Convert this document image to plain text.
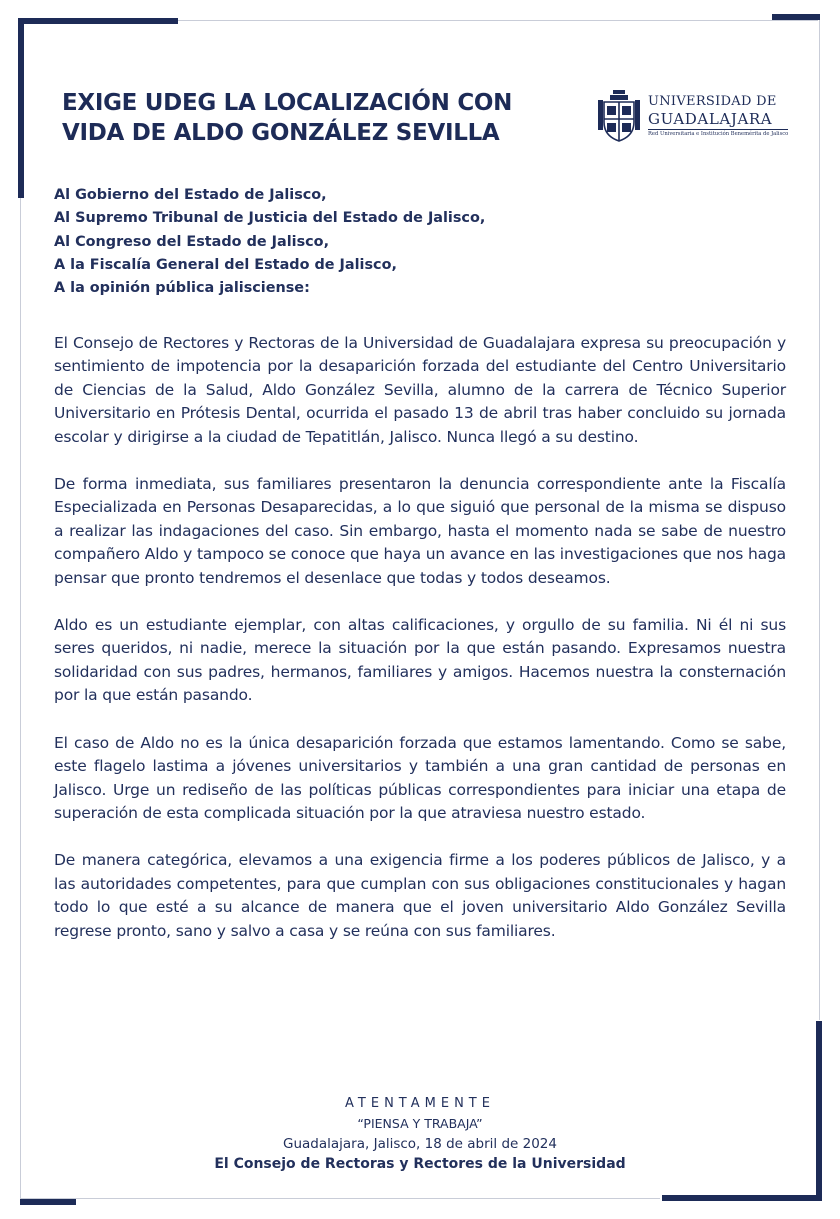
EXIGE UDEG LA LOCALIZACIÓN CON VIDA DE ALDO GONZÁLEZ SEVILLA
UNIVERSIDAD DE
GUADALAJARA
Red Universitaria e Institución Benemérita de Jalisco
Al Gobierno del Estado de Jalisco,
Al Supremo Tribunal de Justicia del Estado de Jalisco,
Al Congreso del Estado de Jalisco,
A la Fiscalía General del Estado de Jalisco,
A la opinión pública jalisciense:

El Consejo de Rectores y Rectoras de la Universidad de Guadalajara expresa su preocupación y sentimiento de impotencia por la desaparición forzada del estudiante del Centro Universitario de Ciencias de la Salud, Aldo González Sevilla, alumno de la carrera de Técnico Superior Universitario en Prótesis Dental, ocurrida el pasado 13 de abril tras haber concluido su jornada escolar y dirigirse a la ciudad de Tepatitlán, Jalisco. Nunca llegó a su destino.

De forma inmediata, sus familiares presentaron la denuncia correspondiente ante la Fiscalía Especializada en Personas Desaparecidas, a lo que siguió que personal de la misma se dispuso a realizar las indagaciones del caso. Sin embargo, hasta el momento nada se sabe de nuestro compañero Aldo y tampoco se conoce que haya un avance en las investigaciones que nos haga pensar que pronto tendremos el desenlace que todas y todos deseamos.

Aldo es un estudiante ejemplar, con altas calificaciones, y orgullo de su familia. Ni él ni sus seres queridos, ni nadie, merece la situación por la que están pasando. Expresamos nuestra solidaridad con sus padres, hermanos, familiares y amigos. Hacemos nuestra la consternación por la que están pasando.

El caso de Aldo no es la única desaparición forzada que estamos lamentando. Como se sabe, este flagelo lastima a jóvenes universitarios y también a una gran cantidad de personas en Jalisco. Urge un rediseño de las políticas públicas correspondientes para iniciar una etapa de superación de esta complicada situación por la que atraviesa nuestro estado.

De manera categórica, elevamos a una exigencia firme a los poderes públicos de Jalisco, y a las autoridades competentes, para que cumplan con sus obligaciones constitucionales y hagan todo lo que esté a su alcance de manera que el joven universitario Aldo González Sevilla regrese pronto, sano y salvo a casa y se reúna con sus familiares.

ATENTAMENTE
“PIENSA Y TRABAJA”
Guadalajara, Jalisco, 18 de abril de 2024
El Consejo de Rectoras y Rectores de la Universidad
